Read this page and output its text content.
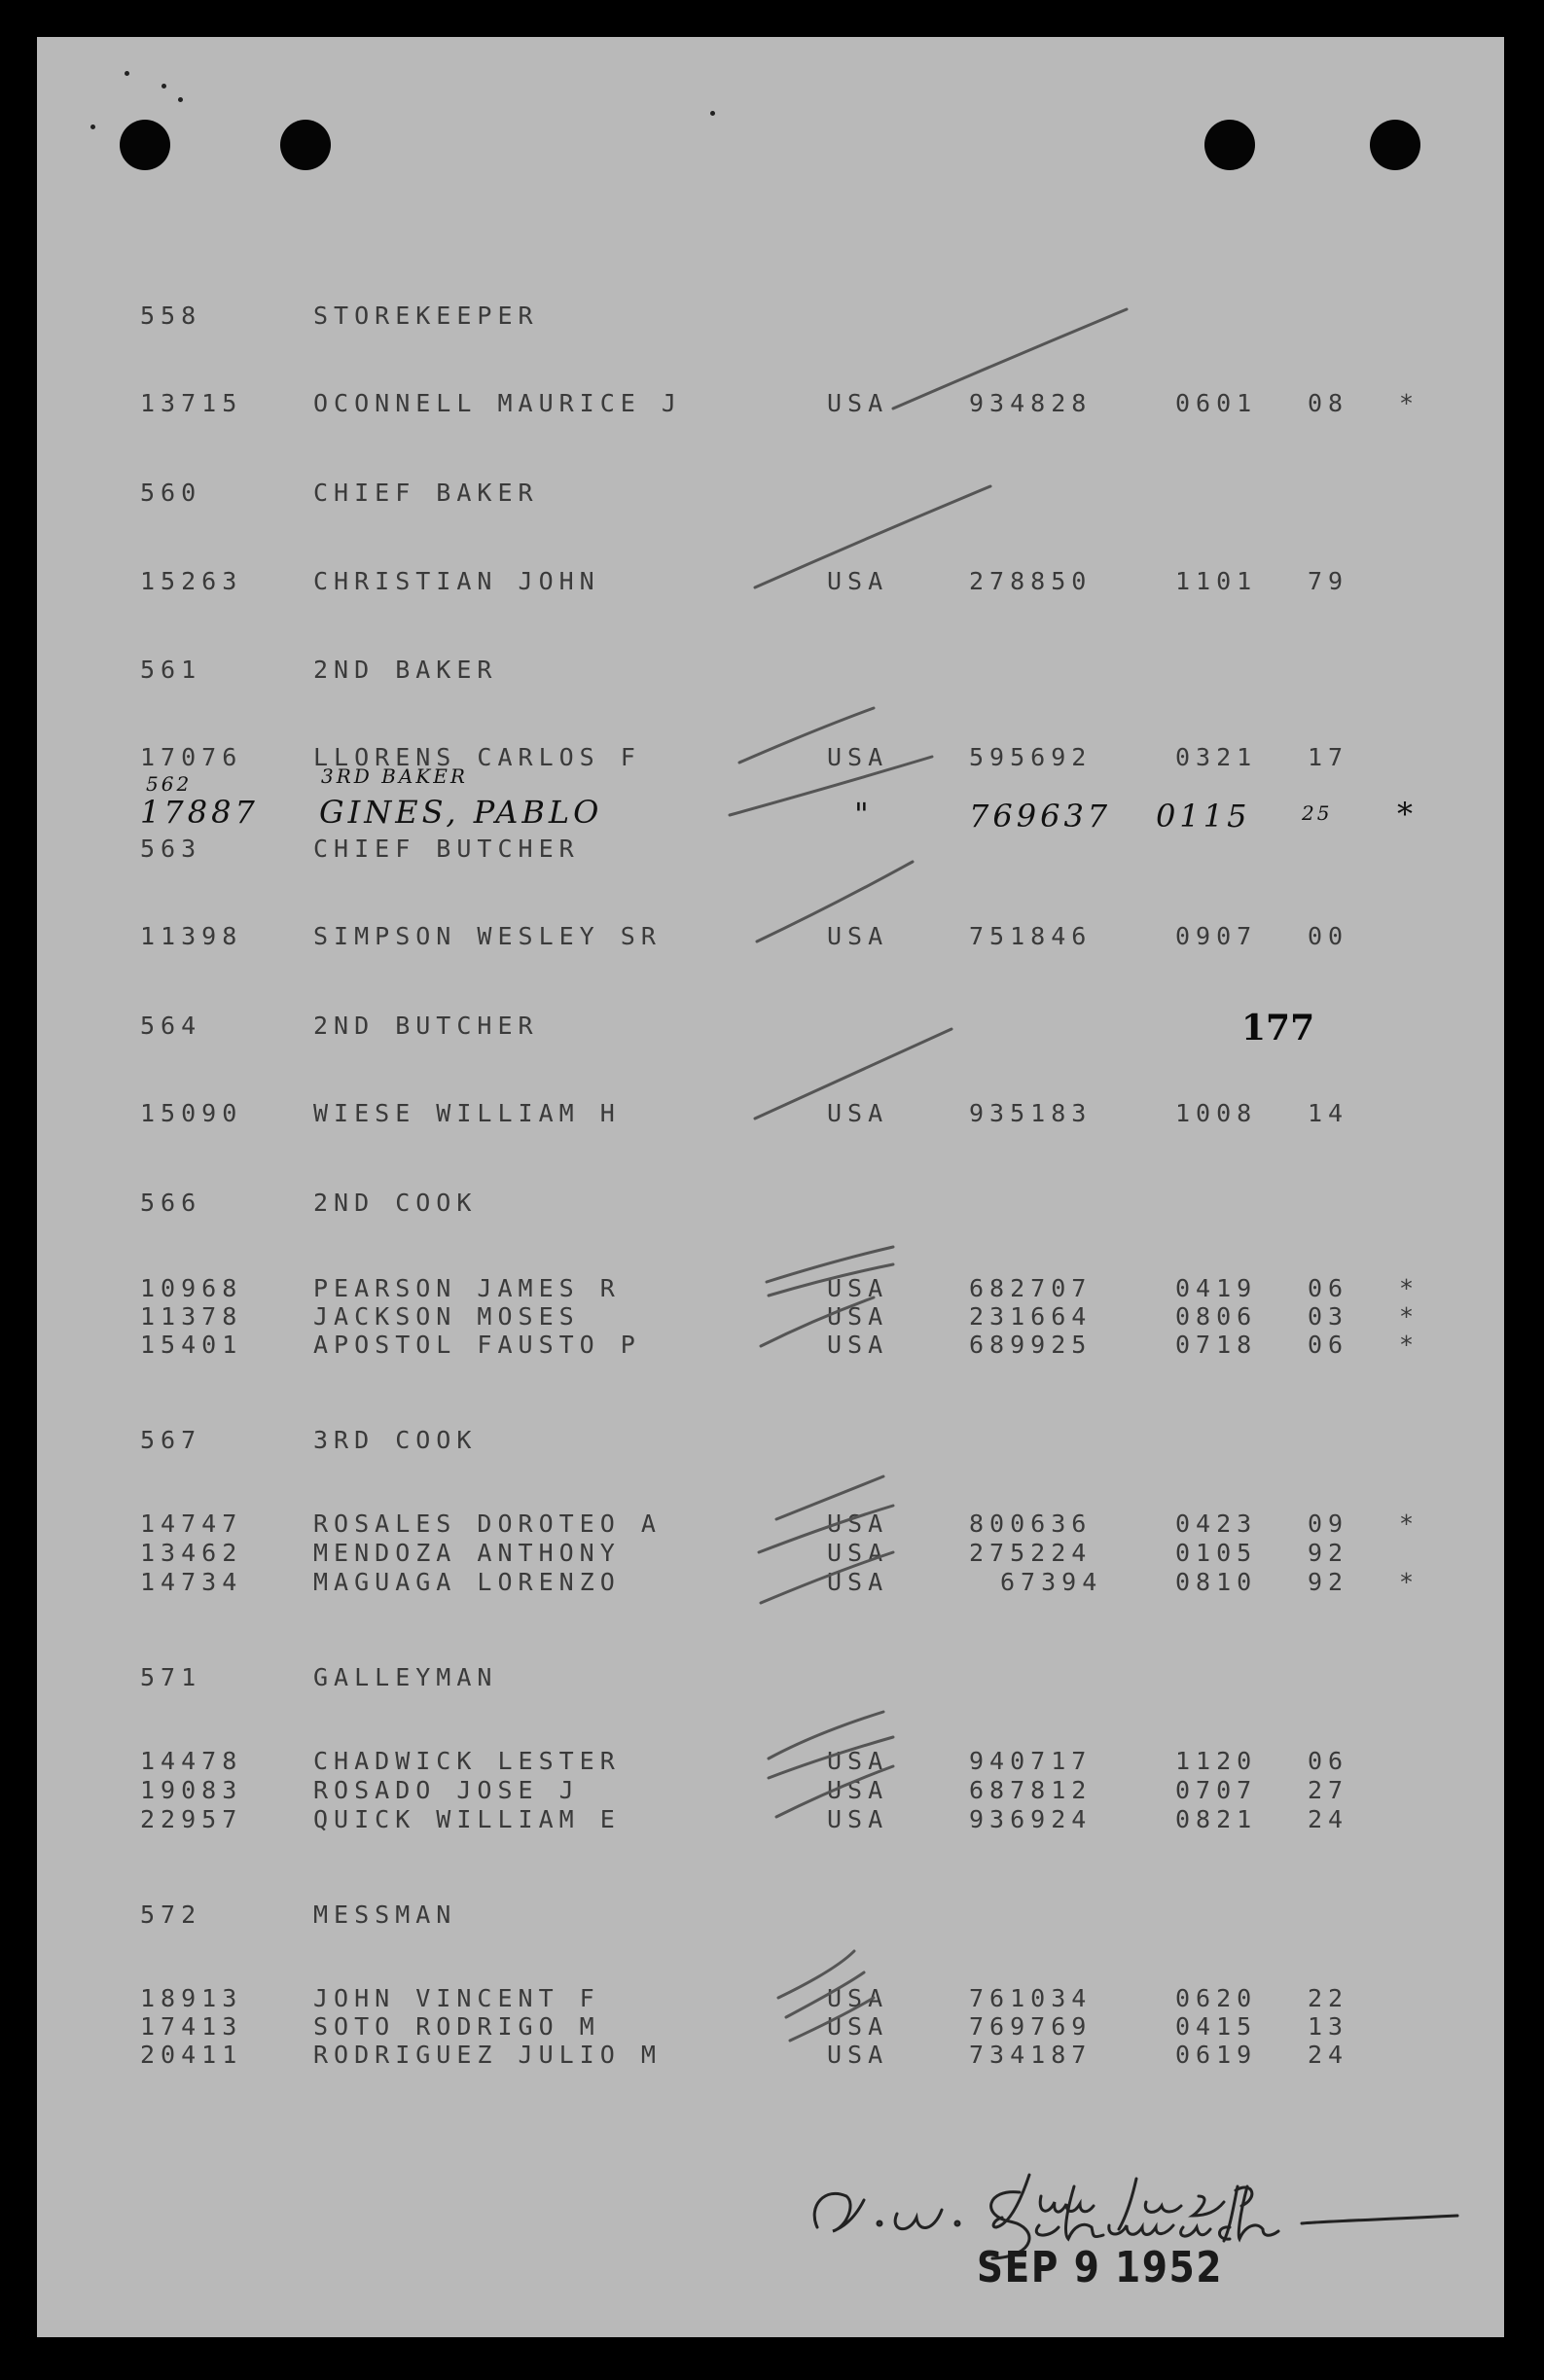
558	STOREKEEPER
13715	OCONNELL MAURICE J	USA	934828	0601 08 *
560	CHIEF BAKER
15263	CHRISTIAN JOHN	USA	278850	1101 79
561	2ND BAKER
17076	LLORENS CARLOS F	USA	595692	0321 17
562	3RD BAKER
17887 GINES, PABLO	"	769637 0115	25 *
563	CHIEF BUTCHER
11398	SIMPSON WESLEY SR	USA	751846	0907 00
564	2ND BUTCHER	177
15090	WIESE WILLIAM H	USA	935183	1008 14
566	2ND COOK
10968	PEARSON JAMES R	USA	682707	0419 06 *
11378	JACKSON MOSES	USA	231664	0806 03 *
15401	APOSTOL FAUSTO P	USA	689925	0718 06 *
567	3RD COOK
14747	ROSALES DOROTEO A	USA	800636	0423 09 *
13462	MENDOZA ANTHONY	USA	275224	0105 92
14734	MAGUAGA LORENZO	USA	67394	0810 92 *
571	GALLEYMAN
14478	CHADWICK LESTER	USA	940717	1120 06
19083	ROSADO JOSE J	USA	687812	0707 27
22957	QUICK WILLIAM E	USA	936924	0821 24
572	MESSMAN
18913	JOHN VINCENT F	USA	761034	0620 22
17413	SOTO RODRIGO M	USA	769769	0415 13
20411	RODRIGUEZ JULIO M	USA	734187	0619 24
SEP 9 1952
